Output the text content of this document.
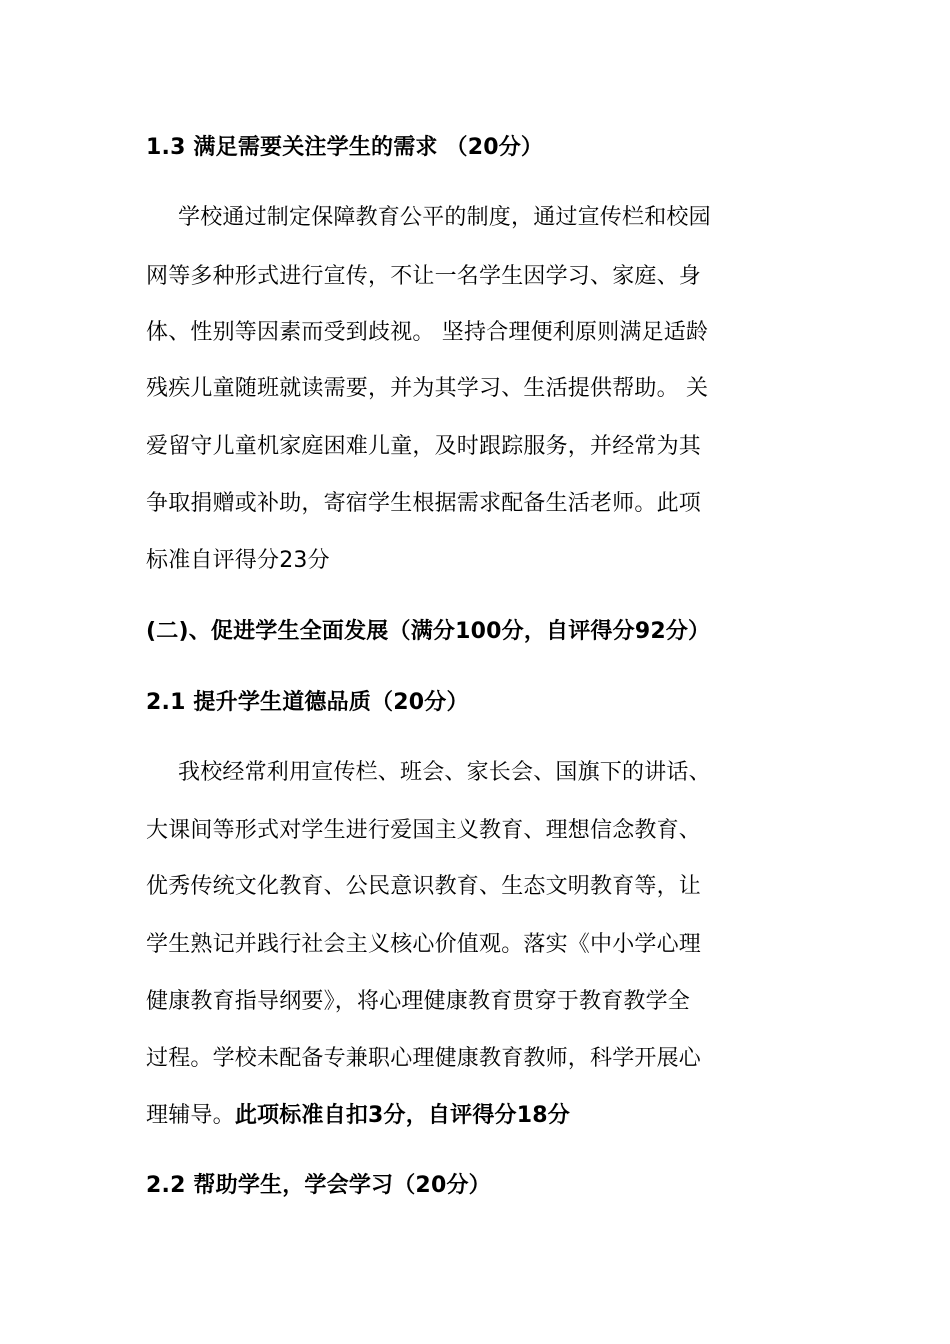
1.3 满足需要关注学生的需求 （20分）
学校通过制定保障教育公平的制度，通过宣传栏和校园
网等多种形式进行宣传，不让一名学生因学习、家庭、身
体、性别等因素而受到歧视。 坚持合理便利原则满足适龄
残疾儿童随班就读需要，并为其学习、生活提供帮助。 关
爱留守儿童机家庭困难儿童，及时跟踪服务，并经常为其
争取捐赠或补助，寄宿学生根据需求配备生活老师。此项
标准自评得分23分
(二)、促进学生全面发展（满分100分，自评得分92分）
2.1 提升学生道德品质（20分）
我校经常利用宣传栏、班会、家长会、国旗下的讲话、
大课间等形式对学生进行爱国主义教育、理想信念教育、
优秀传统文化教育、公民意识教育、生态文明教育等，让
学生熟记并践行社会主义核心价值观。落实《中小学心理
健康教育指导纲要》，将心理健康教育贯穿于教育教学全
过程。学校未配备专兼职心理健康教育教师，科学开展心
理辅导。此项标准自扣3分，自评得分18分
2.2 帮助学生，学会学习（20分）
